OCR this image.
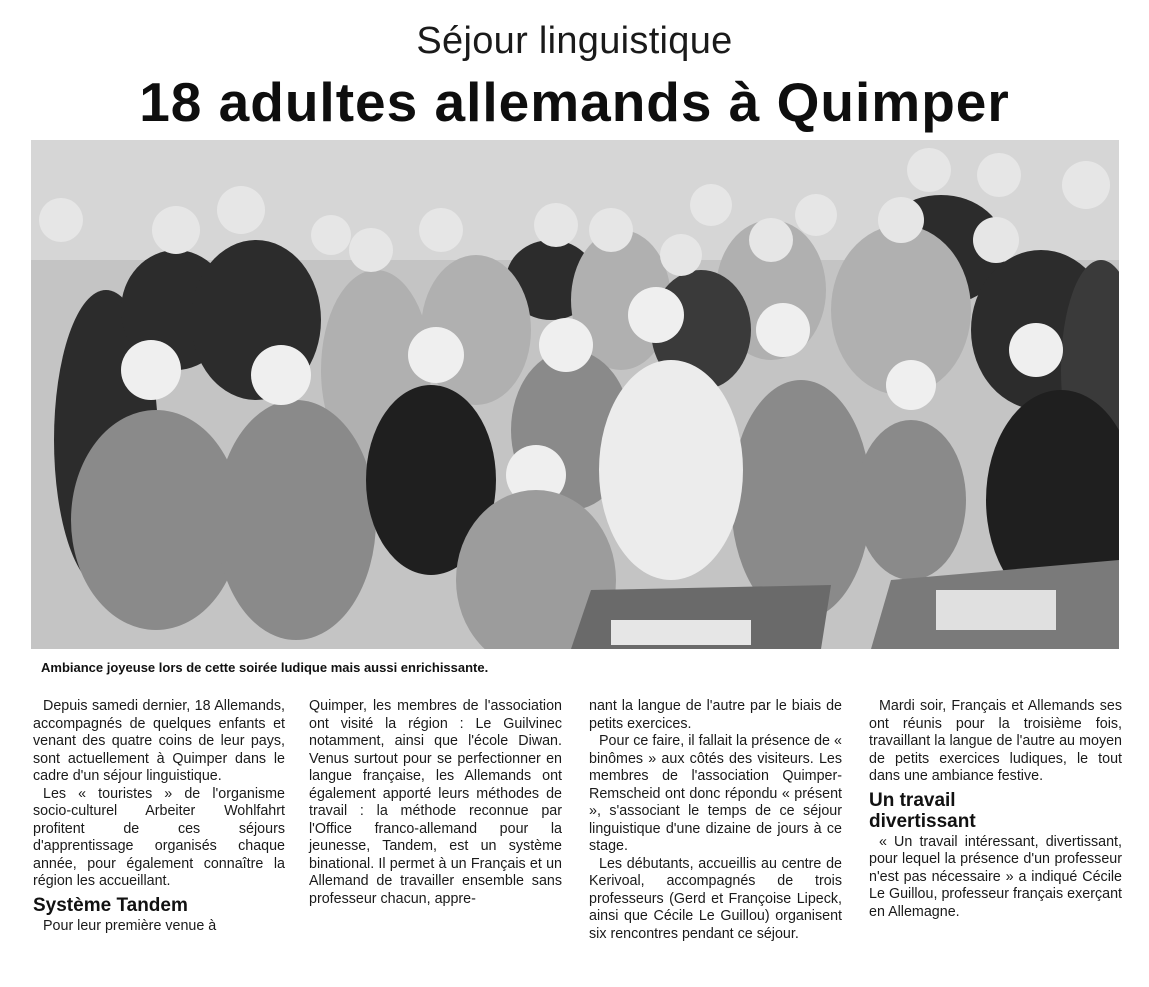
Séjour linguistique
18 adultes allemands à Quimper
Ambiance joyeuse lors de cette soirée ludique mais aussi enrichissante.

Depuis samedi dernier, 18 Allemands, accompagnés de quelques enfants et venant des quatre coins de leur pays, sont actuellement à Quimper dans le cadre d'un séjour linguistique.

Les « touristes » de l'organisme socio-culturel Arbeiter Wohlfahrt profitent de ces séjours d'apprentissage organisés chaque année, pour également connaître la région les accueillant.

Système Tandem

Pour leur première venue à

Quimper, les membres de l'association ont visité la région : Le Guilvinec notamment, ainsi que l'école Diwan. Venus surtout pour se perfectionner en langue française, les Allemands ont également apporté leurs méthodes de travail : la méthode reconnue par l'Office franco-allemand pour la jeunesse, Tandem, est un système binational. Il permet à un Français et un Allemand de travailler ensemble sans professeur chacun, appre-

nant la langue de l'autre par le biais de petits exercices.

Pour ce faire, il fallait la présence de « binômes » aux côtés des visiteurs. Les membres de l'association Quimper-Remscheid ont donc répondu « présent », s'associant le temps de ce séjour linguistique d'une dizaine de jours à ce stage.

Les débutants, accueillis au centre de Kerivoal, accompagnés de trois professeurs (Gerd et Françoise Lipeck, ainsi que Cécile Le Guillou) organisent six rencontres pendant ce séjour.

Mardi soir, Français et Allemands ses ont réunis pour la troisième fois, travaillant la langue de l'autre au moyen de petits exercices ludiques, le tout dans une ambiance festive.

Un travail divertissant

« Un travail intéressant, divertissant, pour lequel la présence d'un professeur n'est pas nécessaire » a indiqué Cécile Le Guillou, professeur français exerçant en Allemagne.
